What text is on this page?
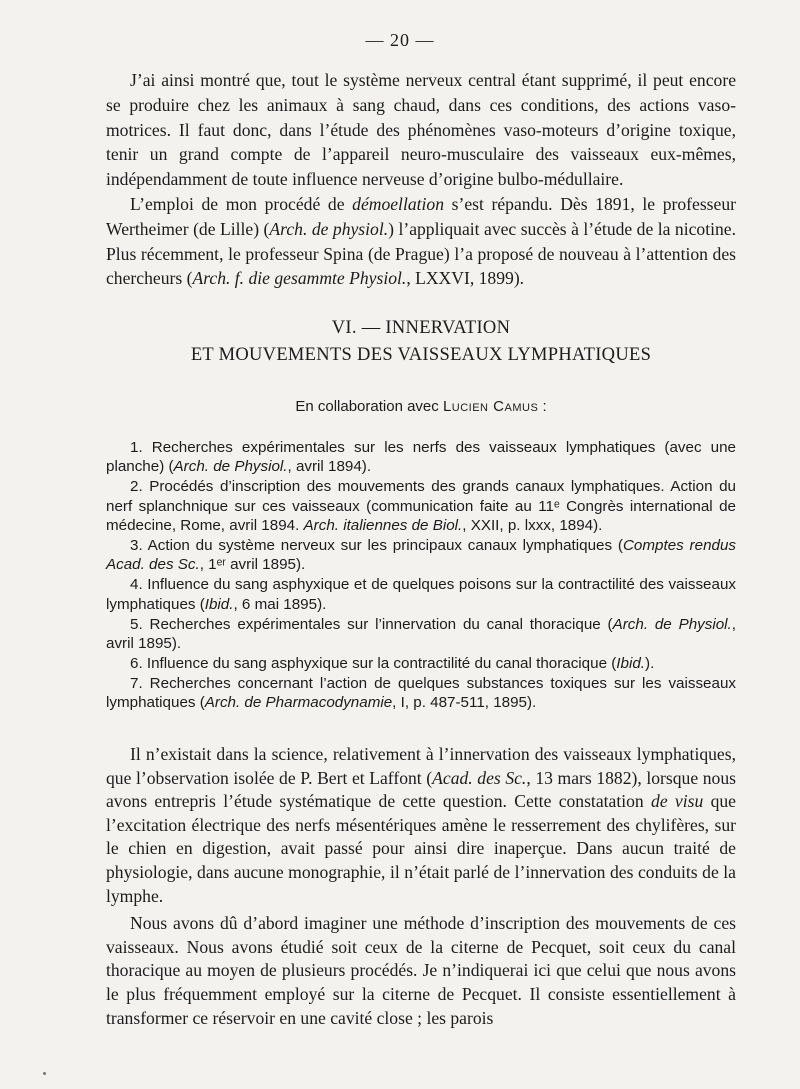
— 20 —

J’ai ainsi montré que, tout le système nerveux central étant supprimé, il peut encore se produire chez les animaux à sang chaud, dans ces conditions, des actions vaso-motrices. Il faut donc, dans l’étude des phénomènes vaso-moteurs d’origine toxique, tenir un grand compte de l’appareil neuro-musculaire des vaisseaux eux-mêmes, indépendamment de toute influence nerveuse d’origine bulbo-médullaire.

L’emploi de mon procédé de démoellation s’est répandu. Dès 1891, le professeur Wertheimer (de Lille) (Arch. de physiol.) l’appliquait avec succès à l’étude de la nicotine. Plus récemment, le professeur Spina (de Prague) l’a proposé de nouveau à l’attention des chercheurs (Arch. f. die gesammte Physiol., LXXVI, 1899).

VI. — INNERVATION
ET MOUVEMENTS DES VAISSEAUX LYMPHATIQUES
En collaboration avec Lucien Camus :

1. Recherches expérimentales sur les nerfs des vaisseaux lymphatiques (avec une planche) (Arch. de Physiol., avril 1894).

2. Procédés d’inscription des mouvements des grands canaux lymphatiques. Action du nerf splanchnique sur ces vaisseaux (communication faite au 11ᵉ Congrès international de médecine, Rome, avril 1894. Arch. italiennes de Biol., XXII, p. lxxx, 1894).

3. Action du système nerveux sur les principaux canaux lymphatiques (Comptes rendus Acad. des Sc., 1ᵉʳ avril 1895).

4. Influence du sang asphyxique et de quelques poisons sur la contractilité des vaisseaux lymphatiques (Ibid., 6 mai 1895).

5. Recherches expérimentales sur l’innervation du canal thoracique (Arch. de Physiol., avril 1895).

6. Influence du sang asphyxique sur la contractilité du canal thoracique (Ibid.).

7. Recherches concernant l’action de quelques substances toxiques sur les vaisseaux lymphatiques (Arch. de Pharmacodynamie, I, p. 487-511, 1895).

Il n’existait dans la science, relativement à l’innervation des vaisseaux lymphatiques, que l’observation isolée de P. Bert et Laffont (Acad. des Sc., 13 mars 1882), lorsque nous avons entrepris l’étude systématique de cette question. Cette constatation de visu que l’excitation électrique des nerfs mésentériques amène le resserrement des chylifères, sur le chien en digestion, avait passé pour ainsi dire inaperçue. Dans aucun traité de physiologie, dans aucune monographie, il n’était parlé de l’innervation des conduits de la lymphe.

Nous avons dû d’abord imaginer une méthode d’inscription des mouvements de ces vaisseaux. Nous avons étudié soit ceux de la citerne de Pecquet, soit ceux du canal thoracique au moyen de plusieurs procédés. Je n’indiquerai ici que celui que nous avons le plus fréquemment employé sur la citerne de Pecquet. Il consiste essentiellement à transformer ce réservoir en une cavité close ; les parois
